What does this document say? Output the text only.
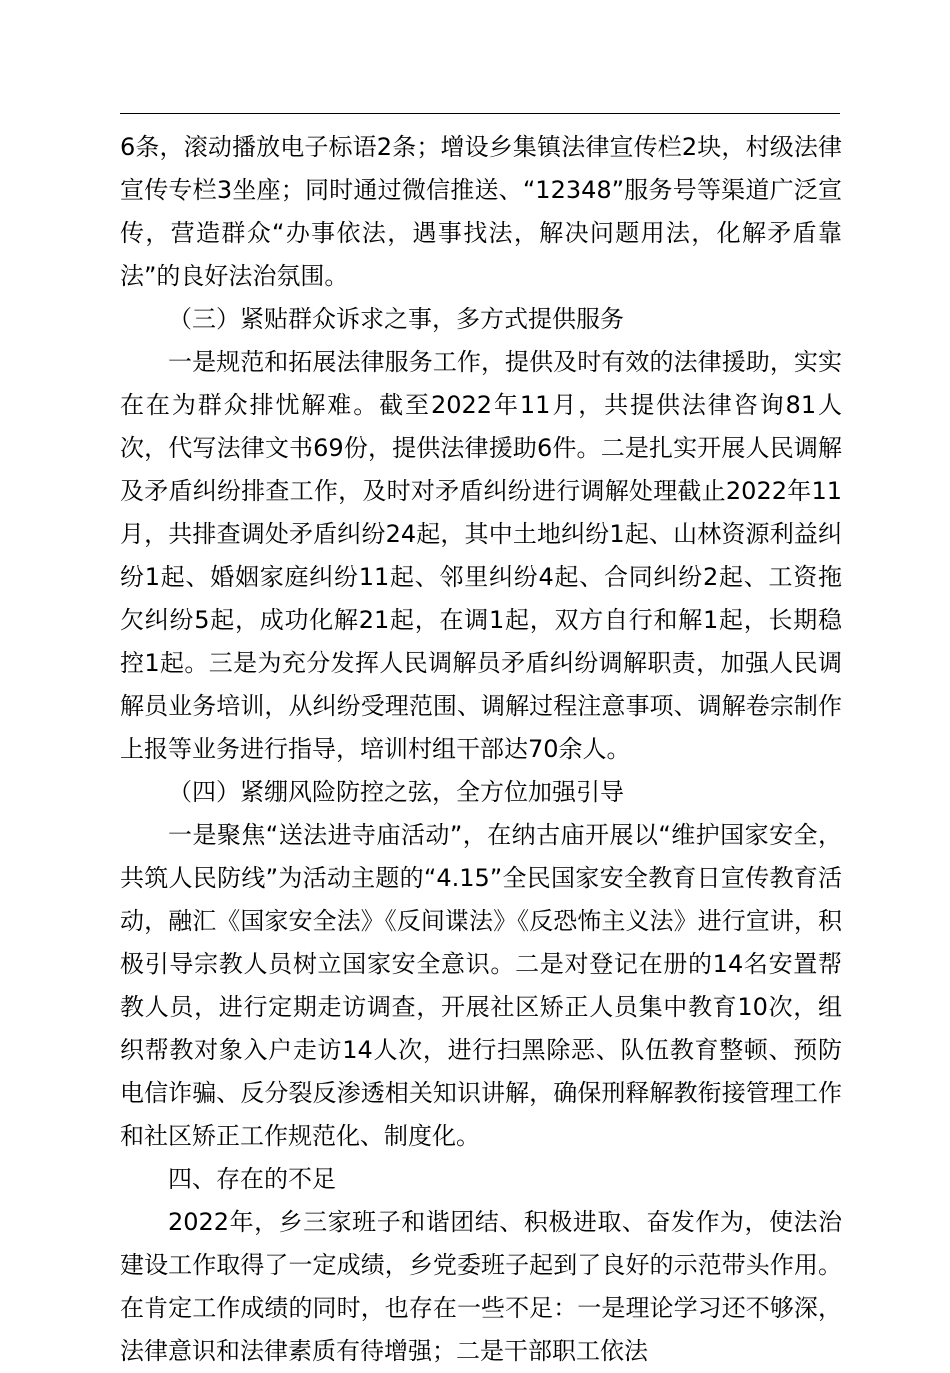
6条，滚动播放电子标语2条；增设乡集镇法律宣传栏2块，村级法律宣传专栏3坐座；同时通过微信推送、“12348”服务号等渠道广泛宣传，营造群众“办事依法，遇事找法，解决问题用法，化解矛盾靠法”的良好法治氛围。

（三）紧贴群众诉求之事，多方式提供服务

一是规范和拓展法律服务工作，提供及时有效的法律援助，实实在在为群众排忧解难。截至2022年11月，共提供法律咨询81人次，代写法律文书69份，提供法律援助6件。二是扎实开展人民调解及矛盾纠纷排查工作，及时对矛盾纠纷进行调解处理截止2022年11月，共排查调处矛盾纠纷24起，其中土地纠纷1起、山林资源利益纠纷1起、婚姻家庭纠纷11起、邻里纠纷4起、合同纠纷2起、工资拖欠纠纷5起，成功化解21起，在调1起，双方自行和解1起，长期稳控1起。三是为充分发挥人民调解员矛盾纠纷调解职责，加强人民调解员业务培训，从纠纷受理范围、调解过程注意事项、调解卷宗制作上报等业务进行指导，培训村组干部达70余人。

（四）紧绷风险防控之弦，全方位加强引导

一是聚焦“送法进寺庙活动”，在纳古庙开展以“维护国家安全，共筑人民防线”为活动主题的“4.15”全民国家安全教育日宣传教育活动，融汇《国家安全法》《反间谍法》《反恐怖主义法》进行宣讲，积极引导宗教人员树立国家安全意识。二是对登记在册的14名安置帮教人员，进行定期走访调查，开展社区矫正人员集中教育10次，组织帮教对象入户走访14人次，进行扫黑除恶、队伍教育整顿、预防电信诈骗、反分裂反渗透相关知识讲解，确保刑释解教衔接管理工作和社区矫正工作规范化、制度化。

四、存在的不足

2022年，乡三家班子和谐团结、积极进取、奋发作为，使法治建设工作取得了一定成绩，乡党委班子起到了良好的示范带头作用。在肯定工作成绩的同时，也存在一些不足：一是理论学习还不够深，法律意识和法律素质有待增强；二是干部职工依法
